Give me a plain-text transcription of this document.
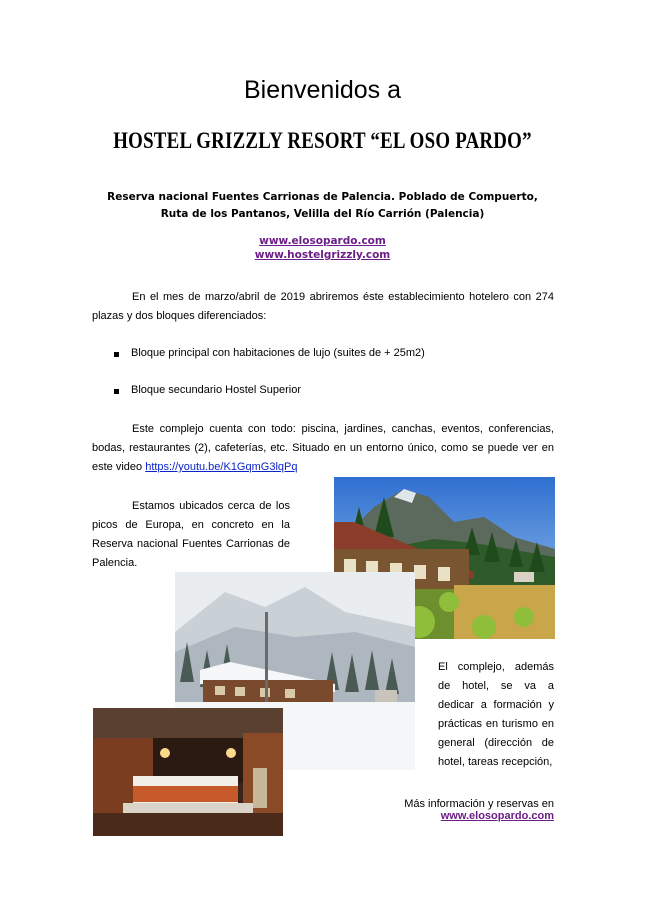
Bienvenidos a
HOSTEL GRIZZLY RESORT “EL OSO PARDO”
Reserva nacional Fuentes Carrionas de Palencia. Poblado de Compuerto, Ruta de los Pantanos, Velilla del Río Carrión (Palencia)
www.elosopardo.com
www.hostelgrizzly.com
En el mes de marzo/abril de 2019 abriremos éste establecimiento hotelero con 274 plazas y dos bloques diferenciados:
Bloque principal con habitaciones de lujo (suites de + 25m2)
Bloque secundario Hostel Superior
Este complejo cuenta con todo: piscina, jardines, canchas, eventos, conferencias, bodas, restaurantes (2), cafeterías, etc. Situado en un entorno único, como se puede ver en este video https://youtu.be/K1GqmG3lqPq
Estamos ubicados cerca de los picos de Europa, en concreto en la Reserva nacional Fuentes Carrionas de Palencia.
El complejo, además de hotel, se va a dedicar a formación y prácticas en turismo en general (dirección de hotel, tareas recepción,
Más información y reservas en www.elosopardo.com
